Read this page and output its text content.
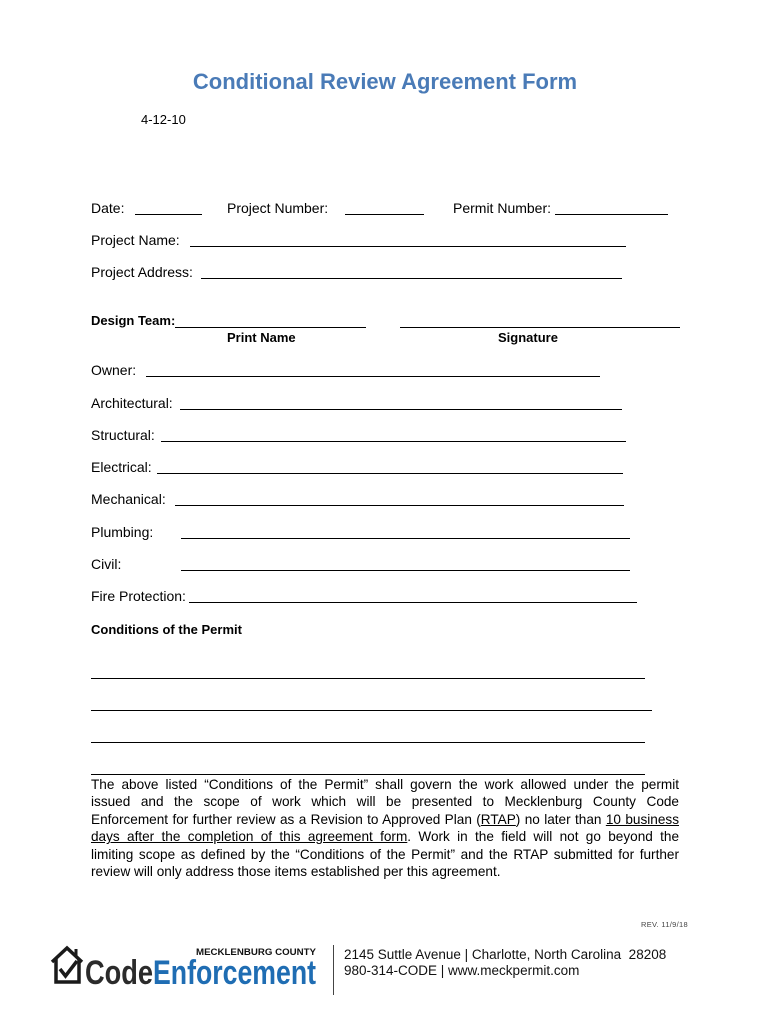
Conditional Review Agreement Form
4-12-10
Date:	Project Number:	Permit Number:
Project Name:
Project Address:
Design Team:
Print Name	Signature
Owner:
Architectural:
Structural:
Electrical:
Mechanical:
Plumbing:
Civil:
Fire Protection:
Conditions of the Permit
The above listed “Conditions of the Permit” shall govern the work allowed under the permit
issued and the scope of work which will be presented to Mecklenburg County Code
Enforcement for further review as a Revision to Approved Plan (RTAP) no later than 10 business
days after the completion of this agreement form. Work in the field will not go beyond the
limiting scope as defined by the “Conditions of the Permit” and the RTAP submitted for further
review will only address those items established per this agreement.
REV. 11/9/18
MECKLENBURG COUNTY
Code Enforcement 2145 Suttle Avenue | Charlotte, North Carolina  28208
980-314-CODE | www.meckpermit.com
